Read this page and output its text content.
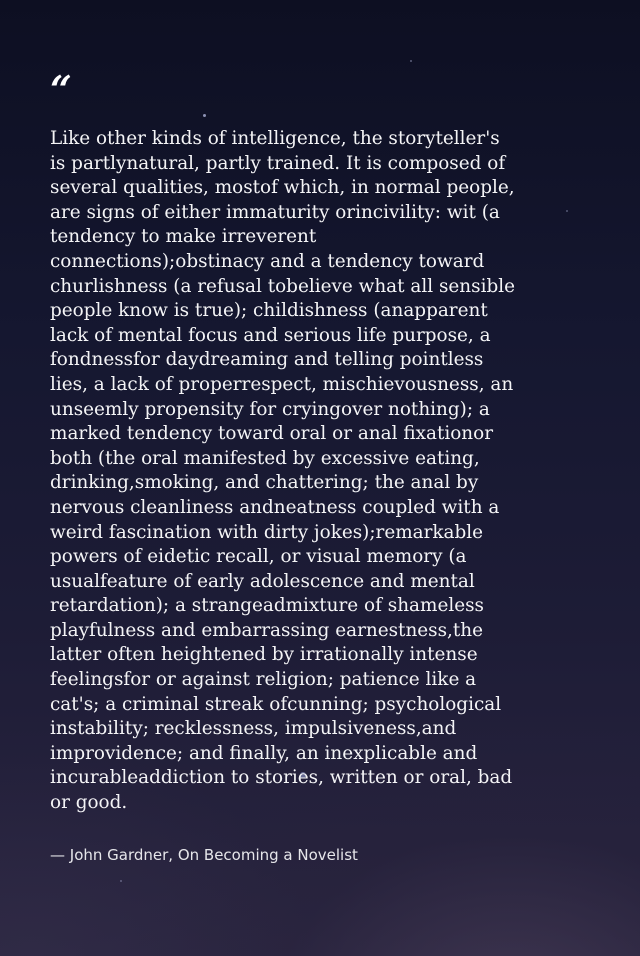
“

Like other kinds of intelligence, the storyteller's
is partlynatural, partly trained. It is composed of
several qualities, mostof which, in normal people,
are signs of either immaturity orincivility: wit (a
tendency to make irreverent
connections);obstinacy and a tendency toward
churlishness (a refusal tobelieve what all sensible
people know is true); childishness (anapparent
lack of mental focus and serious life purpose, a
fondnessfor daydreaming and telling pointless
lies, a lack of properrespect, mischievousness, an
unseemly propensity for cryingover nothing); a
marked tendency toward oral or anal fixationor
both (the oral manifested by excessive eating,
drinking,smoking, and chattering; the anal by
nervous cleanliness andneatness coupled with a
weird fascination with dirty jokes);remarkable
powers of eidetic recall, or visual memory (a
usualfeature of early adolescence and mental
retardation); a strangeadmixture of shameless
playfulness and embarrassing earnestness,the
latter often heightened by irrationally intense
feelingsfor or against religion; patience like a
cat's; a criminal streak ofcunning; psychological
instability; recklessness, impulsiveness,and
improvidence; and finally, an inexplicable and
incurableaddiction to stories, written or oral, bad
or good.

— John Gardner, On Becoming a Novelist
